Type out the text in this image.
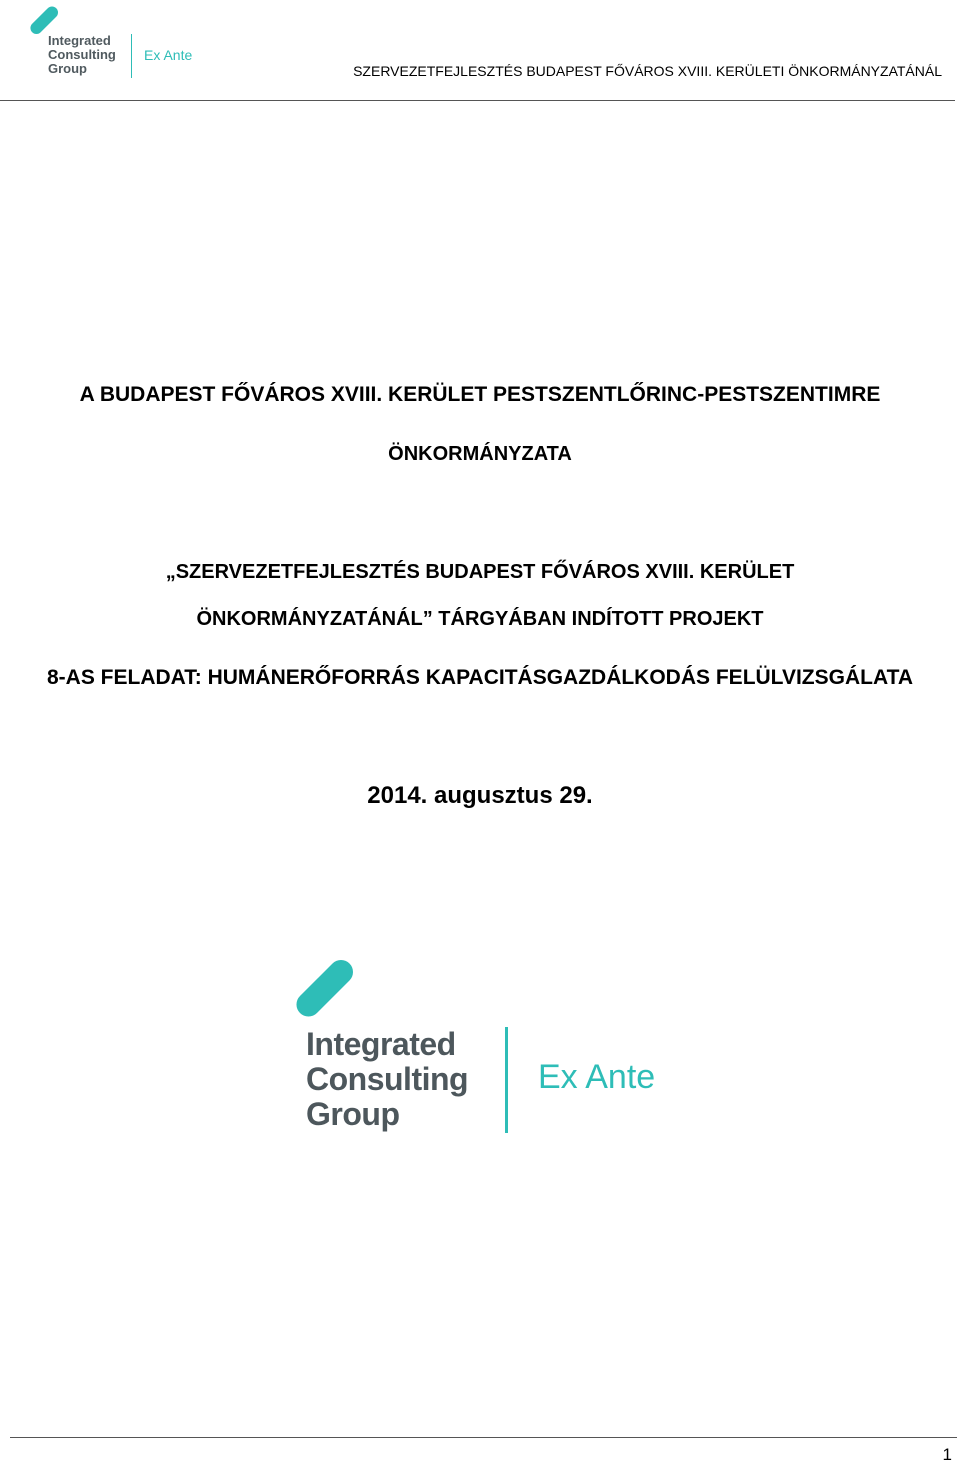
Integrated
Consulting
Group
Ex Ante
SZERVEZETFEJLESZTÉS BUDAPEST FŐVÁROS XVIII. KERÜLETI ÖNKORMÁNYZATÁNÁL
A BUDAPEST FŐVÁROS XVIII. KERÜLET PESTSZENTLŐRINC-PESTSZENTIMRE
ÖNKORMÁNYZATA
„SZERVEZETFEJLESZTÉS BUDAPEST FŐVÁROS XVIII. KERÜLET
ÖNKORMÁNYZATÁNÁL” TÁRGYÁBAN INDÍTOTT PROJEKT
8-AS FELADAT: HUMÁNERŐFORRÁS KAPACITÁSGAZDÁLKODÁS FELÜLVIZSGÁLATA
2014. augusztus 29.
Integrated
Consulting
Group
Ex Ante
1
